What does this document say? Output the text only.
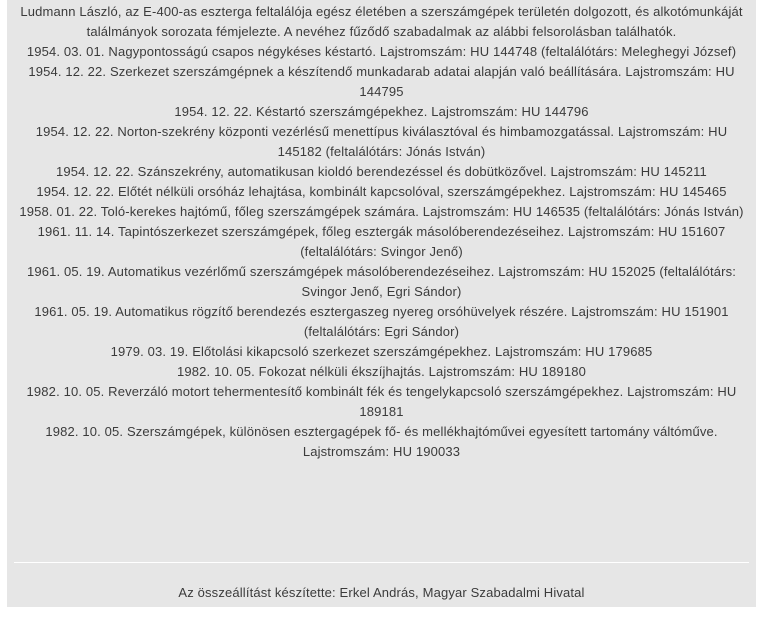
Ludmann László, az E-400-as eszterga feltalálója egész életében a szerszámgépek területén dolgozott, és alkotómunkáját találmányok sorozata fémjelezte. A nevéhez fűződő szabadalmak az alábbi felsorolásban találhatók.

1954. 03. 01. Nagypontosságú csapos négykéses késtartó. Lajstromszám: HU 144748 (feltalálótárs: Meleghegyi József)

1954. 12. 22. Szerkezet szerszámgépnek a készítendő munkadarab adatai alapján való beállítására. Lajstromszám: HU 144795

1954. 12. 22. Késtartó szerszámgépekhez. Lajstromszám: HU 144796

1954. 12. 22. Norton-szekrény központi vezérlésű menettípus kiválasztóval és himbamozgatással. Lajstromszám: HU 145182 (feltalálótárs: Jónás István)

1954. 12. 22. Szánszekrény, automatikusan kioldó berendezéssel és dobütközővel. Lajstromszám: HU 145211

1954. 12. 22. Előtét nélküli orsóház lehajtása, kombinált kapcsolóval, szerszámgépekhez. Lajstromszám: HU 145465

1958. 01. 22. Toló-kerekes hajtómű, főleg szerszámgépek számára. Lajstromszám: HU 146535 (feltalálótárs: Jónás István)

1961. 11. 14. Tapintószerkezet szerszámgépek, főleg esztergák másolóberendezéseihez. Lajstromszám: HU 151607 (feltalálótárs: Svingor Jenő)

1961. 05. 19. Automatikus vezérlőmű szerszámgépek másolóberendezéseihez. Lajstromszám: HU 152025 (feltalálótárs: Svingor Jenő, Egri Sándor)

1961. 05. 19. Automatikus rögzítő berendezés esztergaszeg nyereg orsóhüvelyek részére. Lajstromszám: HU 151901 (feltalálótárs: Egri Sándor)

1979. 03. 19. Előtolási kikapcsoló szerkezet szerszámgépekhez. Lajstromszám: HU 179685

1982. 10. 05. Fokozat nélküli ékszíjhajtás. Lajstromszám: HU 189180

1982. 10. 05. Reverzáló motort tehermentesítő kombinált fék és tengelykapcsoló szerszámgépekhez. Lajstromszám: HU 189181

1982. 10. 05. Szerszámgépek, különösen esztergagépek fő- és mellékhajtóművei egyesített tartomány váltóműve. Lajstromszám: HU 190033

Az összeállítást készítette: Erkel András, Magyar Szabadalmi Hivatal
